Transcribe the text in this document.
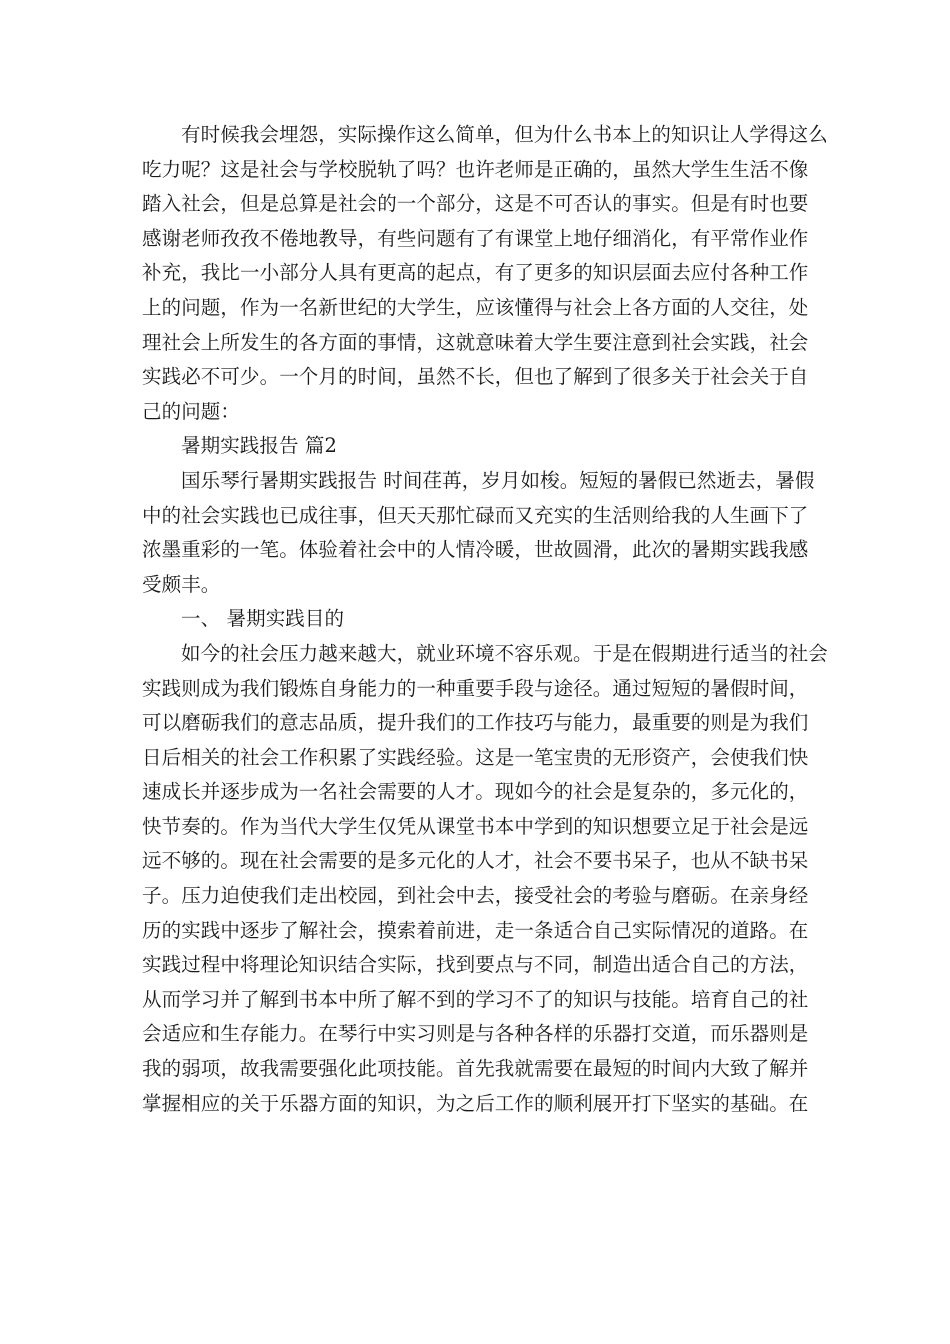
有时候我会埋怨，实际操作这么简单，但为什么书本上的知识让人学得这么
吃力呢？这是社会与学校脱轨了吗？也许老师是正确的，虽然大学生生活不像
踏入社会，但是总算是社会的一个部分，这是不可否认的事实。但是有时也要
感谢老师孜孜不倦地教导，有些问题有了有课堂上地仔细消化，有平常作业作
补充，我比一小部分人具有更高的起点，有了更多的知识层面去应付各种工作
上的问题，作为一名新世纪的大学生，应该懂得与社会上各方面的人交往，处
理社会上所发生的各方面的事情，这就意味着大学生要注意到社会实践，社会
实践必不可少。一个月的时间，虽然不长，但也了解到了很多关于社会关于自
己的问题：
暑期实践报告 篇2
国乐琴行暑期实践报告 时间荏苒，岁月如梭。短短的暑假已然逝去，暑假
中的社会实践也已成往事，但天天那忙碌而又充实的生活则给我的人生画下了
浓墨重彩的一笔。体验着社会中的人情冷暖，世故圆滑，此次的暑期实践我感
受颇丰。
一、 暑期实践目的
如今的社会压力越来越大，就业环境不容乐观。于是在假期进行适当的社会
实践则成为我们锻炼自身能力的一种重要手段与途径。通过短短的暑假时间，
可以磨砺我们的意志品质，提升我们的工作技巧与能力，最重要的则是为我们
日后相关的社会工作积累了实践经验。这是一笔宝贵的无形资产，会使我们快
速成长并逐步成为一名社会需要的人才。现如今的社会是复杂的，多元化的，
快节奏的。作为当代大学生仅凭从课堂书本中学到的知识想要立足于社会是远
远不够的。现在社会需要的是多元化的人才，社会不要书呆子，也从不缺书呆
子。压力迫使我们走出校园，到社会中去，接受社会的考验与磨砺。在亲身经
历的实践中逐步了解社会，摸索着前进，走一条适合自己实际情况的道路。在
实践过程中将理论知识结合实际，找到要点与不同，制造出适合自己的方法，
从而学习并了解到书本中所了解不到的学习不了的知识与技能。培育自己的社
会适应和生存能力。在琴行中实习则是与各种各样的乐器打交道，而乐器则是
我的弱项，故我需要强化此项技能。首先我就需要在最短的时间内大致了解并
掌握相应的关于乐器方面的知识，为之后工作的顺利展开打下坚实的基础。在
